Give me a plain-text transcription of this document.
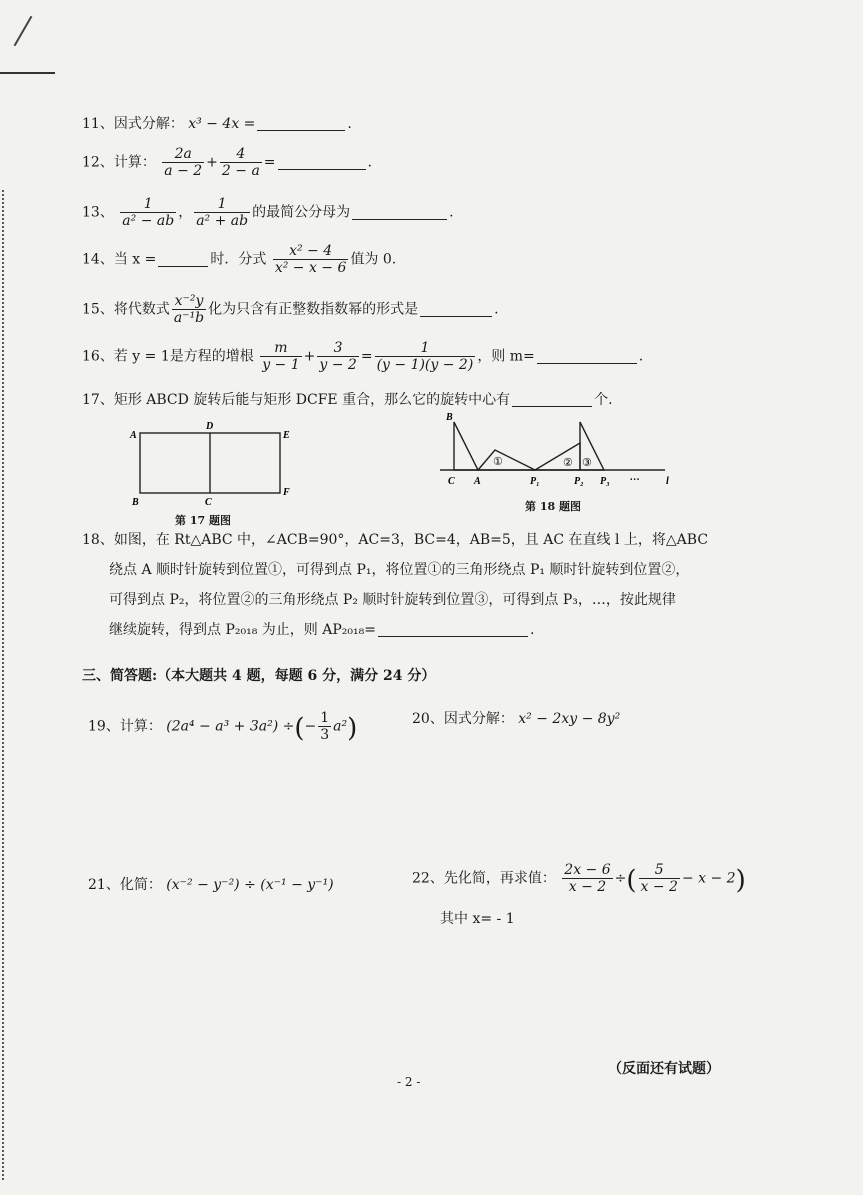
11、因式分解： x³ − 4x =	.
12、计算： $\frac{2a}{a - 2} + \frac{4}{2 - a}$ =	.
13、 $\frac{1}{\text{a² − ab}}$ ， $\frac{1}{\text{a² + ab}}$ 的最简公分母为	.
14、当 x =	时．分式 $\frac{\text{x² − 4}}{\text{x² − x − 6}}$ 值为 0.
15、将代数式 $\frac{\text{x⁻²y}}{\text{a⁻¹b}}$ 化为只含有正整数指数幂的形式是	.
16、若 y = 1是方程的增根 $\frac{m}{y - 1} + \frac{3}{y - 2} = \frac{1}{(y - 1)(y - 2)}$ ，则 m=	.
17、矩形 ABCD 旋转后能与矩形 DCFE 重合，那么它的旋转中心有	个.
A
D
E
B	C
F
第 17 题图
B
C A	P₁	P₂ P₃ …	l
①	② ③
第 18 题图
18、如图，在 Rt△ABC 中，∠ACB=90°，AC=3，BC=4，AB=5，且 AC 在直线 l 上，将△ABC
绕点 A 顺时针旋转到位置①，可得到点 P₁，将位置①的三角形绕点 P₁ 顺时针旋转到位置②，
可得到点 P₂，将位置②的三角形绕点 P₂ 顺时针旋转到位置③，可得到点 P₃，…，按此规律
继续旋转，得到点 P₂₀₁₈ 为止，则 AP₂₀₁₈=	.
三、简答题:（本大题共 4 题，每题 6 分，满分 24 分）
19、计算： (2a⁴ − a³ + 3a²) ÷(− $\frac{1}{3} a^2$)	20、因式分解： x² − 2xy − 8y²
21、化简： (x⁻² − y⁻²) ÷ (x⁻¹ − y⁻¹)	22、先化简，再求值： $\frac{2x - 6}{x - 2}$ ÷( $\frac{5}{x - 2} - x - 2$)
其中 x= - 1
- 2 -
（反面还有试题）
